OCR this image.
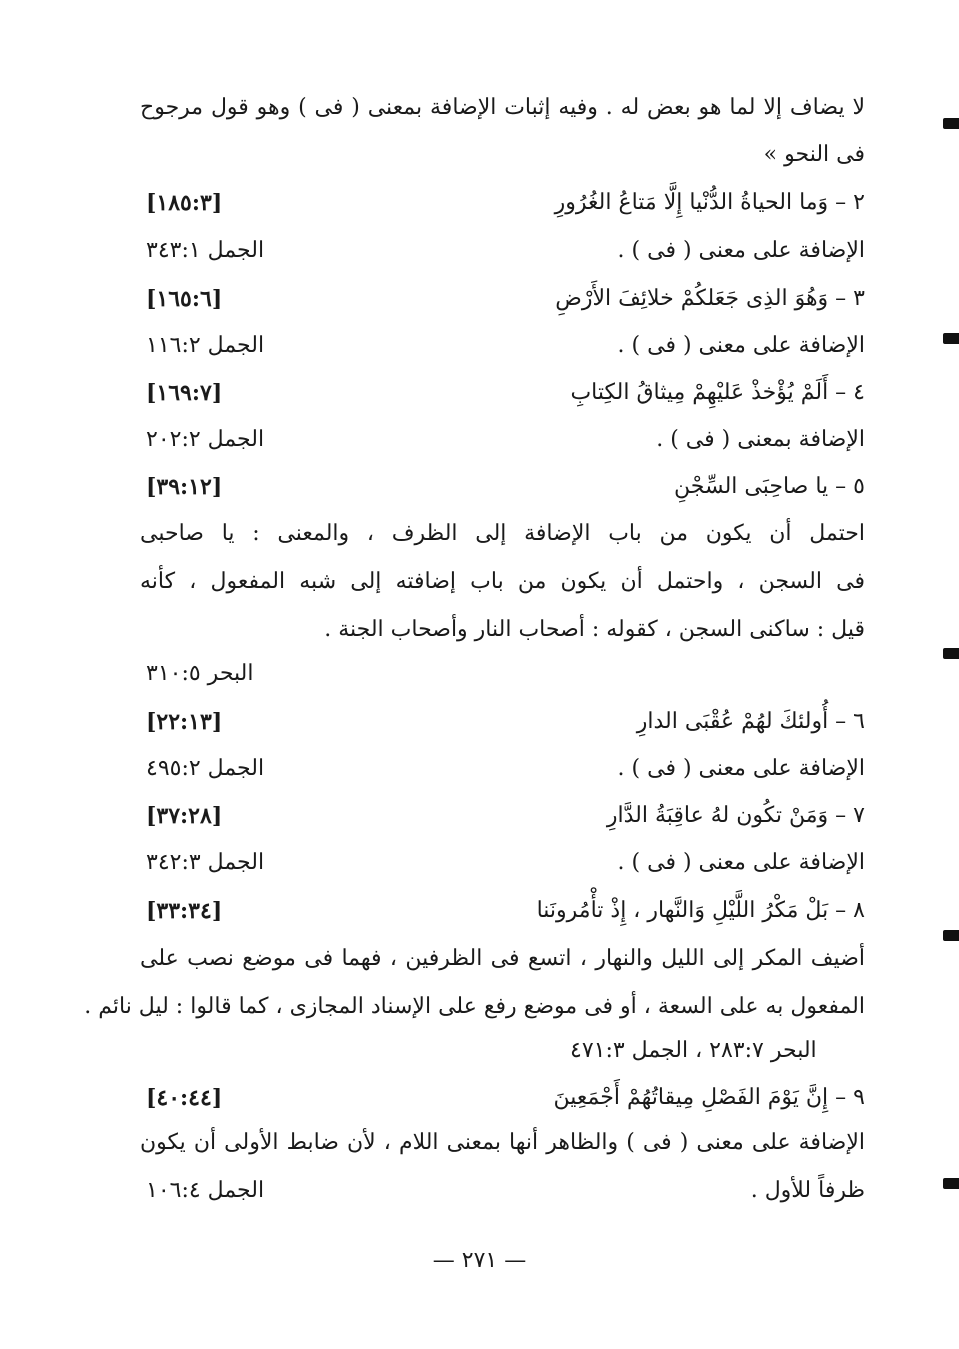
لا يضاف إلا لما هو بعض له . وفيه إثبات الإضافة بمعنى ( فى ) وهو قول مرجوح
فى النحو »
٢ – وَما الحياةُ الدُّنْيا إِلَّا مَتاعُ الغُرُورِ
[١٨٥:٣]
الإضافة على معنى ( فى ) .
الجمل ٣٤٣:١
٣ – وَهُوَ الذِى جَعَلكُمْ خلائِفَ الأَرْضِ
[١٦٥:٦]
الإضافة على معنى ( فى ) .
الجمل ١١٦:٢
٤ – أَلَمْ يُؤْخذْ عَليْهِمْ مِيثاقُ الكِتابِ
[١٦٩:٧]
الإضافة بمعنى ( فى ) .
الجمل ٢٠٢:٢
٥ – يا صاحِبَى السِّجْنِ
[٣٩:١٢]
احتمل أن يكون من باب الإضافة إلى الظرف ، والمعنى : يا صاحبى
فى السجن ، واحتمل أن يكون من باب إضافته إلى شبه المفعول ، كأنه
قيل : ساكنى السجن ، كقوله : أصحاب النار وأصحاب الجنة .
البحر ٣١٠:٥
٦ – أُولئكَ لهُمْ عُقْبَى الدارِ
[٢٢:١٣]
الإضافة على معنى ( فى ) .
الجمل ٤٩٥:٢
٧ – وَمَنْ تكُون لهُ عاقِبَةُ الدَّارِ
[٣٧:٢٨]
الإضافة على معنى ( فى ) .
الجمل ٣٤٢:٣
٨ – بَلْ مَكْرُ اللَّيْلِ وَالنَّهار ، إِذْ تأْمُرونَنا
[٣٣:٣٤]
أضيف المكر إلى الليل والنهار ، اتسع فى الظرفين ، فهما فى موضع نصب على
المفعول به على السعة ، أو فى موضع رفع على الإسناد المجازى ، كما قالوا : ليل نائم .
البحر ٢٨٣:٧ ، الجمل ٤٧١:٣
٩ – إِنَّ يَوْمَ الفَصْلِ مِيقاتُهُمْ أَجْمَعِينَ
[٤٠:٤٤]
الإضافة على معنى ( فى ) والظاهر أنها بمعنى اللام ، لأن ضابط الأولى أن يكون
ظرفاً للأول .
الجمل ١٠٦:٤
— ٢٧١ —
